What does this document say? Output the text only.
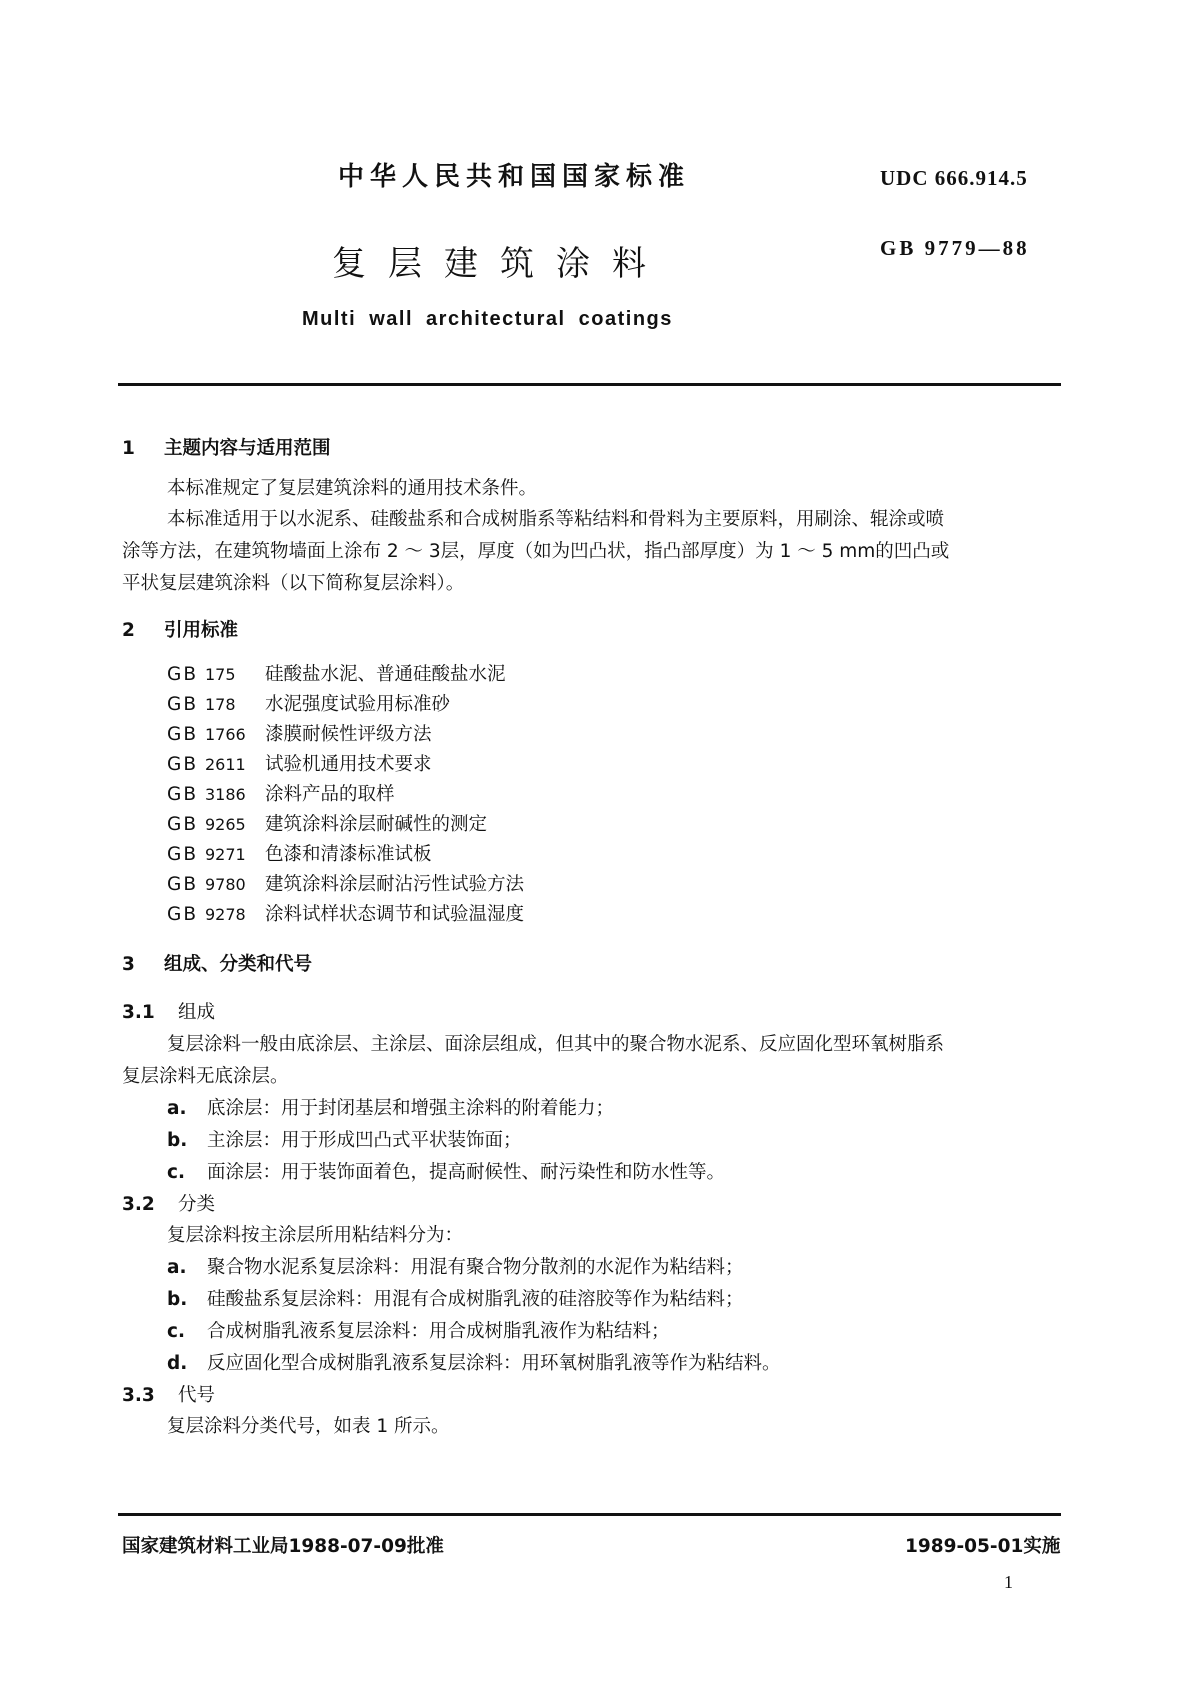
中华人民共和国国家标准	UDC 666.914.5
复层建筑涂料	GB 9779—88
Multi wall architectural coatings
1 主题内容与适用范围
本标准规定了复层建筑涂料的通用技术条件。
本标准适用于以水泥系、硅酸盐系和合成树脂系等粘结料和骨料为主要原料，用刷涂、辊涂或喷
涂等方法，在建筑物墙面上涂布 2 ～ 3层，厚度（如为凹凸状，指凸部厚度）为 1 ～ 5 mm的凹凸或
平状复层建筑涂料（以下简称复层涂料）。
2 引用标准
GB 175 硅酸盐水泥、普通硅酸盐水泥
GB 178 水泥强度试验用标准砂
GB 1766 漆膜耐候性评级方法
GB 2611 试验机通用技术要求
GB 3186 涂料产品的取样
GB 9265 建筑涂料涂层耐碱性的测定
GB 9271 色漆和清漆标准试板
GB 9780 建筑涂料涂层耐沾污性试验方法
GB 9278 涂料试样状态调节和试验温湿度
3 组成、分类和代号
3.1 组成
复层涂料一般由底涂层、主涂层、面涂层组成，但其中的聚合物水泥系、反应固化型环氧树脂系
复层涂料无底涂层。
a. 底涂层：用于封闭基层和增强主涂料的附着能力；
b. 主涂层：用于形成凹凸式平状装饰面；
c. 面涂层：用于装饰面着色，提高耐候性、耐污染性和防水性等。
3.2 分类
复层涂料按主涂层所用粘结料分为：
a. 聚合物水泥系复层涂料：用混有聚合物分散剂的水泥作为粘结料；
b. 硅酸盐系复层涂料：用混有合成树脂乳液的硅溶胶等作为粘结料；
c. 合成树脂乳液系复层涂料：用合成树脂乳液作为粘结料；
d. 反应固化型合成树脂乳液系复层涂料：用环氧树脂乳液等作为粘结料。
3.3 代号
复层涂料分类代号，如表 1 所示。
国家建筑材料工业局1988-07-09批准	1989-05-01实施
1
